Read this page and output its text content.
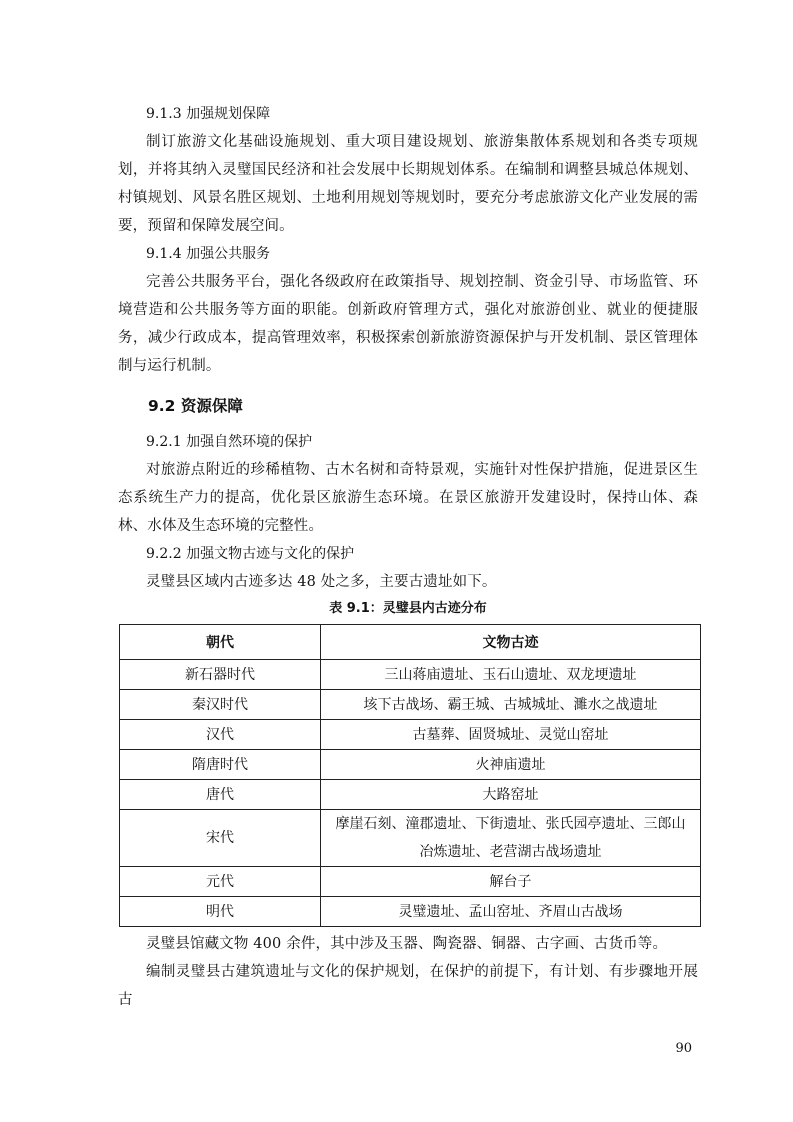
9.1.3 加强规划保障

制订旅游文化基础设施规划、重大项目建设规划、旅游集散体系规划和各类专项规划，并将其纳入灵璧国民经济和社会发展中长期规划体系。在编制和调整县城总体规划、村镇规划、风景名胜区规划、土地利用规划等规划时，要充分考虑旅游文化产业发展的需要，预留和保障发展空间。

9.1.4 加强公共服务

完善公共服务平台，强化各级政府在政策指导、规划控制、资金引导、市场监管、环境营造和公共服务等方面的职能。创新政府管理方式，强化对旅游创业、就业的便捷服务，减少行政成本，提高管理效率，积极探索创新旅游资源保护与开发机制、景区管理体制与运行机制。

9.2 资源保障

9.2.1 加强自然环境的保护

对旅游点附近的珍稀植物、古木名树和奇特景观，实施针对性保护措施，促进景区生态系统生产力的提高，优化景区旅游生态环境。在景区旅游开发建设时，保持山体、森林、水体及生态环境的完整性。

9.2.2 加强文物古迹与文化的保护

灵璧县区域内古迹多达 48 处之多，主要古遗址如下。

表 9.1：灵璧县内古迹分布
朝代	文物古迹
新石器时代	三山蒋庙遗址、玉石山遗址、双龙埂遗址
秦汉时代	垓下古战场、霸王城、古城城址、濉水之战遗址
汉代	古墓葬、固贤城址、灵觉山窑址
隋唐时代	火神庙遗址
唐代	大路窑址
宋代	摩崖石刻、潼郡遗址、下街遗址、张氏园亭遗址、三郎山冶炼遗址、老营湖古战场遗址
元代	解台子
明代	灵璧遗址、孟山窑址、齐眉山古战场

灵璧县馆藏文物 400 余件，其中涉及玉器、陶瓷器、铜器、古字画、古货币等。

编制灵璧县古建筑遗址与文化的保护规划，在保护的前提下，有计划、有步骤地开展古

90
